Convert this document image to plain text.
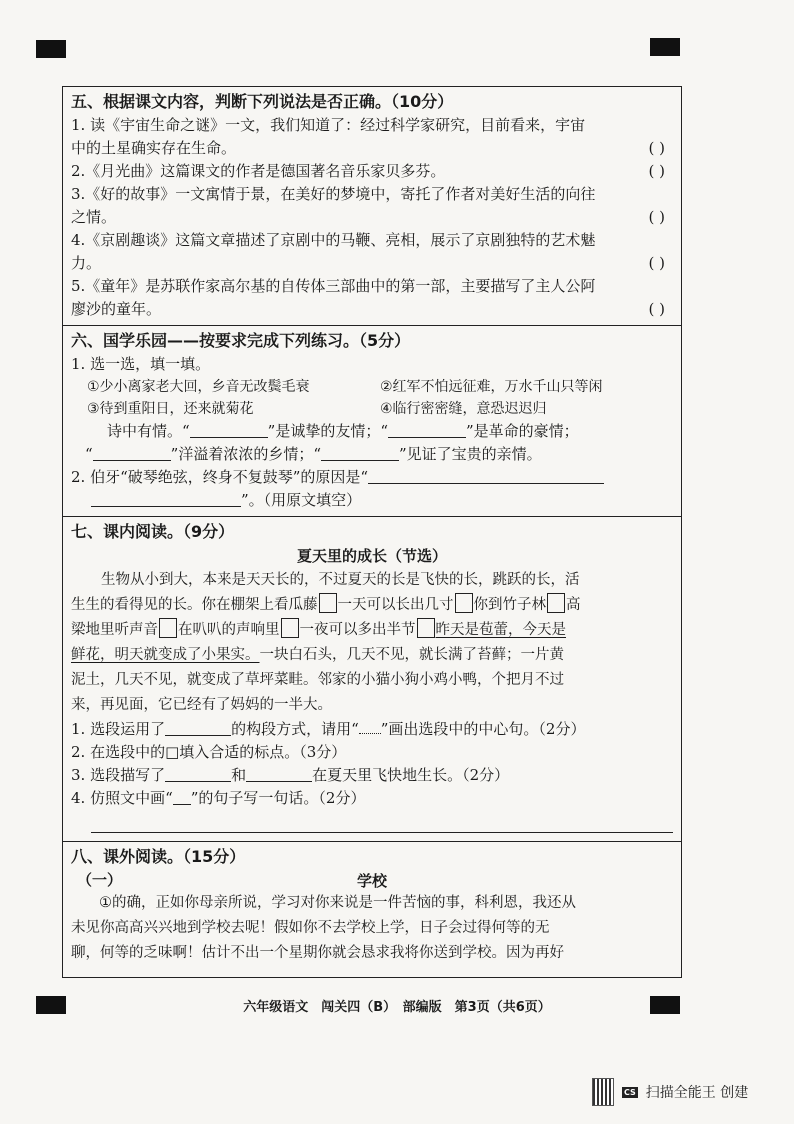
五、根据课文内容，判断下列说法是否正确。（10分）
1. 读《宇宙生命之谜》一文，我们知道了：经过科学家研究，目前看来，宇宙
中的土星确实存在生命。	( )
2.《月光曲》这篇课文的作者是德国著名音乐家贝多芬。	( )
3.《好的故事》一文寓情于景，在美好的梦境中，寄托了作者对美好生活的向往
之情。	( )
4.《京剧趣谈》这篇文章描述了京剧中的马鞭、亮相，展示了京剧独特的艺术魅
力。	( )
5.《童年》是苏联作家高尔基的自传体三部曲中的第一部，主要描写了主人公阿
廖沙的童年。	( )
六、国学乐园——按要求完成下列练习。（5分）
1. 选一选，填一填。
①少小离家老大回，乡音无改鬓毛衰	②红军不怕远征难，万水千山只等闲
③待到重阳日，还来就菊花	④临行密密缝，意恐迟迟归
诗中有情。“	”是诚挚的友情；“	”是革命的豪情；
“	”洋溢着浓浓的乡情；“	”见证了宝贵的亲情。
2. 伯牙“破琴绝弦，终身不复鼓琴”的原因是“
”。（用原文填空）
七、课内阅读。（9分）
夏天里的成长（节选）
生物从小到大，本来是天天长的，不过夏天的长是飞快的长，跳跃的长，活
生生的看得见的长。你在棚架上看瓜藤 一天可以长出几寸 你到竹子林 高
梁地里听声音 在叭叭的声响里 一夜可以多出半节 昨天是苞蕾，今天是
鲜花，明天就变成了小果实。一块白石头，几天不见，就长满了苔藓；一片黄
泥土，几天不见，就变成了草坪菜畦。邻家的小猫小狗小鸡小鸭，个把月不过
来，再见面，它已经有了妈妈的一半大。
1. 选段运用了	的构段方式，请用“ ”画出选段中的中心句。（2分）
2. 在选段中的□填入合适的标点。（3分）
3. 选段描写了	和	在夏天里飞快地生长。（2分）
4. 仿照文中画“ ”的句子写一句话。（2分）
八、课外阅读。（15分）
（一）	学校
①的确，正如你母亲所说，学习对你来说是一件苦恼的事，科利恩，我还从
未见你高高兴兴地到学校去呢！假如你不去学校上学，日子会过得何等的无
聊，何等的乏味啊！估计不出一个星期你就会恳求我将你送到学校。因为再好
六年级语文　闯关四（B）　部编版　第3页（共6页）
CS 扫描全能王 创建
